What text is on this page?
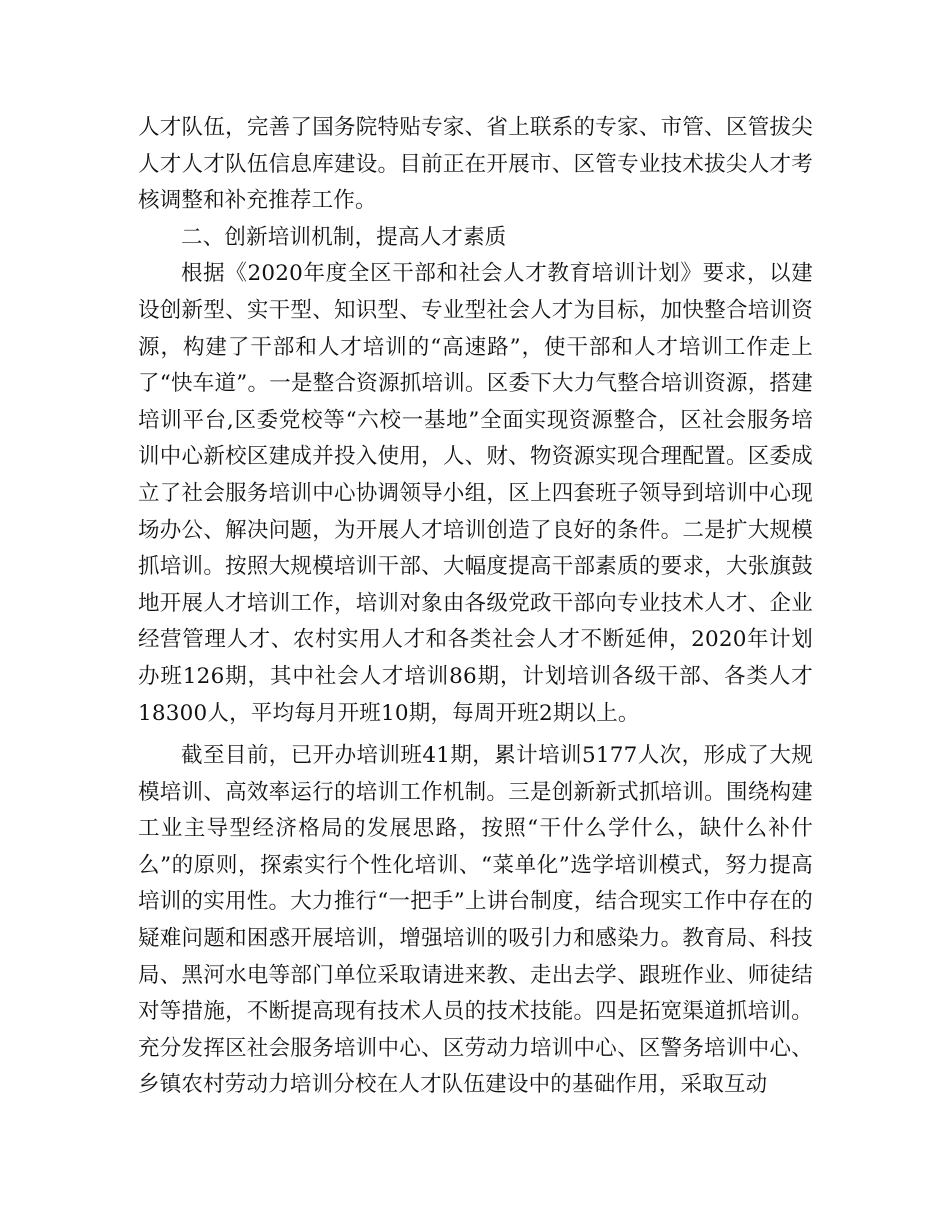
人才队伍，完善了国务院特贴专家、省上联系的专家、市管、区管拔尖人才人才队伍信息库建设。目前正在开展市、区管专业技术拔尖人才考核调整和补充推荐工作。

二、创新培训机制，提高人才素质

根据《2020年度全区干部和社会人才教育培训计划》要求，以建设创新型、实干型、知识型、专业型社会人才为目标，加快整合培训资源，构建了干部和人才培训的“高速路”，使干部和人才培训工作走上了“快车道”。一是整合资源抓培训。区委下大力气整合培训资源，搭建培训平台,区委党校等“六校一基地”全面实现资源整合，区社会服务培训中心新校区建成并投入使用，人、财、物资源实现合理配置。区委成立了社会服务培训中心协调领导小组，区上四套班子领导到培训中心现场办公、解决问题，为开展人才培训创造了良好的条件。二是扩大规模抓培训。按照大规模培训干部、大幅度提高干部素质的要求，大张旗鼓地开展人才培训工作，培训对象由各级党政干部向专业技术人才、企业经营管理人才、农村实用人才和各类社会人才不断延伸，2020年计划办班126期，其中社会人才培训86期，计划培训各级干部、各类人才18300人，平均每月开班10期，每周开班2期以上。

截至目前，已开办培训班41期，累计培训5177人次，形成了大规模培训、高效率运行的培训工作机制。三是创新新式抓培训。围绕构建工业主导型经济格局的发展思路，按照“干什么学什么，缺什么补什么”的原则，探索实行个性化培训、“菜单化”选学培训模式，努力提高培训的实用性。大力推行“一把手”上讲台制度，结合现实工作中存在的疑难问题和困惑开展培训，增强培训的吸引力和感染力。教育局、科技局、黑河水电等部门单位采取请进来教、走出去学、跟班作业、师徒结对等措施，不断提高现有技术人员的技术技能。四是拓宽渠道抓培训。充分发挥区社会服务培训中心、区劳动力培训中心、区警务培训中心、乡镇农村劳动力培训分校在人才队伍建设中的基础作用，采取互动
